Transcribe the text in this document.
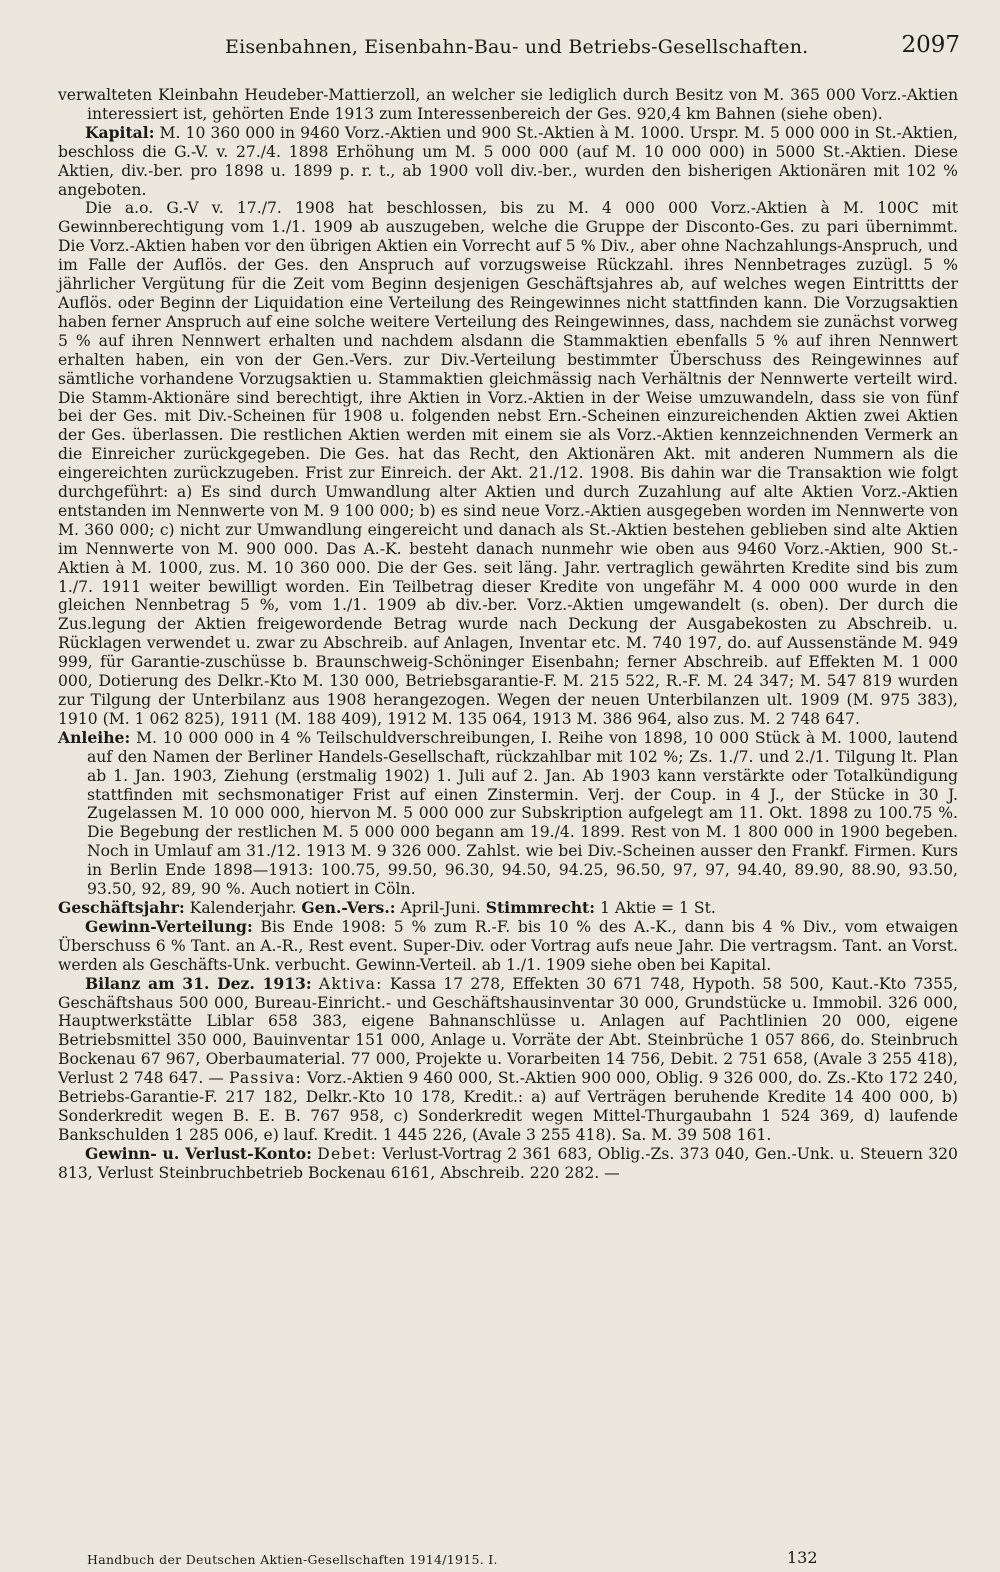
Eisenbahnen, Eisenbahn-Bau- und Betriebs-Gesellschaften.	2097

verwalteten Kleinbahn Heudeber-Mattierzoll, an welcher sie lediglich durch Besitz von M. 365 000 Vorz.-Aktien interessiert ist, gehörten Ende 1913 zum Interessenbereich der Ges. 920,4 km Bahnen (siehe oben).

Kapital: M. 10 360 000 in 9460 Vorz.-Aktien und 900 St.-Aktien à M. 1000. Urspr. M. 5 000 000 in St.-Aktien, beschloss die G.-V. v. 27./4. 1898 Erhöhung um M. 5 000 000 (auf M. 10 000 000) in 5000 St.-Aktien. Diese Aktien, div.-ber. pro 1898 u. 1899 p. r. t., ab 1900 voll div.-ber., wurden den bisherigen Aktionären mit 102 % angeboten.

Die a.o. G.-V v. 17./7. 1908 hat beschlossen, bis zu M. 4 000 000 Vorz.-Aktien à M. 100C mit Gewinnberechtigung vom 1./1. 1909 ab auszugeben, welche die Gruppe der Disconto-Ges. zu pari übernimmt. Die Vorz.-Aktien haben vor den übrigen Aktien ein Vorrecht auf 5 % Div., aber ohne Nachzahlungs-Anspruch, und im Falle der Auflös. der Ges. den Anspruch auf vorzugsweise Rückzahl. ihres Nennbetrages zuzügl. 5 % jährlicher Vergütung für die Zeit vom Beginn desjenigen Geschäftsjahres ab, auf welches wegen Eintrittts der Auflös. oder Beginn der Liquidation eine Verteilung des Reingewinnes nicht stattfinden kann. Die Vorzugsaktien haben ferner Anspruch auf eine solche weitere Verteilung des Reingewinnes, dass, nachdem sie zunächst vorweg 5 % auf ihren Nennwert erhalten und nachdem alsdann die Stammaktien ebenfalls 5 % auf ihren Nennwert erhalten haben, ein von der Gen.-Vers. zur Div.-Verteilung bestimmter Überschuss des Reingewinnes auf sämtliche vorhandene Vorzugsaktien u. Stammaktien gleichmässig nach Verhältnis der Nennwerte verteilt wird. Die Stamm-Aktionäre sind berechtigt, ihre Aktien in Vorz.-Aktien in der Weise umzuwandeln, dass sie von fünf bei der Ges. mit Div.-Scheinen für 1908 u. folgenden nebst Ern.-Scheinen einzureichenden Aktien zwei Aktien der Ges. überlassen. Die restlichen Aktien werden mit einem sie als Vorz.-Aktien kennzeichnenden Vermerk an die Einreicher zurückgegeben. Die Ges. hat das Recht, den Aktionären Akt. mit anderen Nummern als die eingereichten zurückzugeben. Frist zur Einreich. der Akt. 21./12. 1908. Bis dahin war die Transaktion wie folgt durchgeführt: a) Es sind durch Umwandlung alter Aktien und durch Zuzahlung auf alte Aktien Vorz.-Aktien entstanden im Nennwerte von M. 9 100 000; b) es sind neue Vorz.-Aktien ausgegeben worden im Nennwerte von M. 360 000; c) nicht zur Umwandlung eingereicht und danach als St.-Aktien bestehen geblieben sind alte Aktien im Nennwerte von M. 900 000. Das A.-K. besteht danach nunmehr wie oben aus 9460 Vorz.-Aktien, 900 St.-Aktien à M. 1000, zus. M. 10 360 000. Die der Ges. seit läng. Jahr. vertraglich gewährten Kredite sind bis zum 1./7. 1911 weiter bewilligt worden. Ein Teilbetrag dieser Kredite von ungefähr M. 4 000 000 wurde in den gleichen Nennbetrag 5 %, vom 1./1. 1909 ab div.-ber. Vorz.-Aktien umgewandelt (s. oben). Der durch die Zus.legung der Aktien freigewordende Betrag wurde nach Deckung der Ausgabekosten zu Abschreib. u. Rücklagen verwendet u. zwar zu Abschreib. auf Anlagen, Inventar etc. M. 740 197, do. auf Aussenstände M. 949 999, für Garantie-zuschüsse b. Braunschweig-Schöninger Eisenbahn; ferner Abschreib. auf Effekten M. 1 000 000, Dotierung des Delkr.-Kto M. 130 000, Betriebsgarantie-F. M. 215 522, R.-F. M. 24 347; M. 547 819 wurden zur Tilgung der Unterbilanz aus 1908 herangezogen. Wegen der neuen Unterbilanzen ult. 1909 (M. 975 383), 1910 (M. 1 062 825), 1911 (M. 188 409), 1912 M. 135 064, 1913 M. 386 964, also zus. M. 2 748 647.

Anleihe: M. 10 000 000 in 4 % Teilschuldverschreibungen, I. Reihe von 1898, 10 000 Stück à M. 1000, lautend auf den Namen der Berliner Handels-Gesellschaft, rückzahlbar mit 102 %; Zs. 1./7. und 2./1. Tilgung lt. Plan ab 1. Jan. 1903, Ziehung (erstmalig 1902) 1. Juli auf 2. Jan. Ab 1903 kann verstärkte oder Totalkündigung stattfinden mit sechsmonatiger Frist auf einen Zinstermin. Verj. der Coup. in 4 J., der Stücke in 30 J. Zugelassen M. 10 000 000, hiervon M. 5 000 000 zur Subskription aufgelegt am 11. Okt. 1898 zu 100.75 %. Die Begebung der restlichen M. 5 000 000 begann am 19./4. 1899. Rest von M. 1 800 000 in 1900 begeben. Noch in Umlauf am 31./12. 1913 M. 9 326 000. Zahlst. wie bei Div.-Scheinen ausser den Frankf. Firmen. Kurs in Berlin Ende 1898—1913: 100.75, 99.50, 96.30, 94.50, 94.25, 96.50, 97, 97, 94.40, 89.90, 88.90, 93.50, 93.50, 92, 89, 90 %. Auch notiert in Cöln.

Geschäftsjahr: Kalenderjahr. Gen.-Vers.: April-Juni. Stimmrecht: 1 Aktie = 1 St.

Gewinn-Verteilung: Bis Ende 1908: 5 % zum R.-F. bis 10 % des A.-K., dann bis 4 % Div., vom etwaigen Überschuss 6 % Tant. an A.-R., Rest event. Super-Div. oder Vortrag aufs neue Jahr. Die vertragsm. Tant. an Vorst. werden als Geschäfts-Unk. verbucht. Gewinn-Verteil. ab 1./1. 1909 siehe oben bei Kapital.

Bilanz am 31. Dez. 1913: Aktiva: Kassa 17 278, Effekten 30 671 748, Hypoth. 58 500, Kaut.-Kto 7355, Geschäftshaus 500 000, Bureau-Einricht.- und Geschäftshausinventar 30 000, Grundstücke u. Immobil. 326 000, Hauptwerkstätte Liblar 658 383, eigene Bahnanschlüsse u. Anlagen auf Pachtlinien 20 000, eigene Betriebsmittel 350 000, Bauinventar 151 000, Anlage u. Vorräte der Abt. Steinbrüche 1 057 866, do. Steinbruch Bockenau 67 967, Oberbaumaterial. 77 000, Projekte u. Vorarbeiten 14 756, Debit. 2 751 658, (Avale 3 255 418), Verlust 2 748 647. — Passiva: Vorz.-Aktien 9 460 000, St.-Aktien 900 000, Oblig. 9 326 000, do. Zs.-Kto 172 240, Betriebs-Garantie-F. 217 182, Delkr.-Kto 10 178, Kredit.: a) auf Verträgen beruhende Kredite 14 400 000, b) Sonderkredit wegen B. E. B. 767 958, c) Sonderkredit wegen Mittel-Thurgaubahn 1 524 369, d) laufende Bankschulden 1 285 006, e) lauf. Kredit. 1 445 226, (Avale 3 255 418). Sa. M. 39 508 161.

Gewinn- u. Verlust-Konto: Debet: Verlust-Vortrag 2 361 683, Oblig.-Zs. 373 040, Gen.-Unk. u. Steuern 320 813, Verlust Steinbruchbetrieb Bockenau 6161, Abschreib. 220 282. —

Handbuch der Deutschen Aktien-Gesellschaften 1914/1915. I.	132
